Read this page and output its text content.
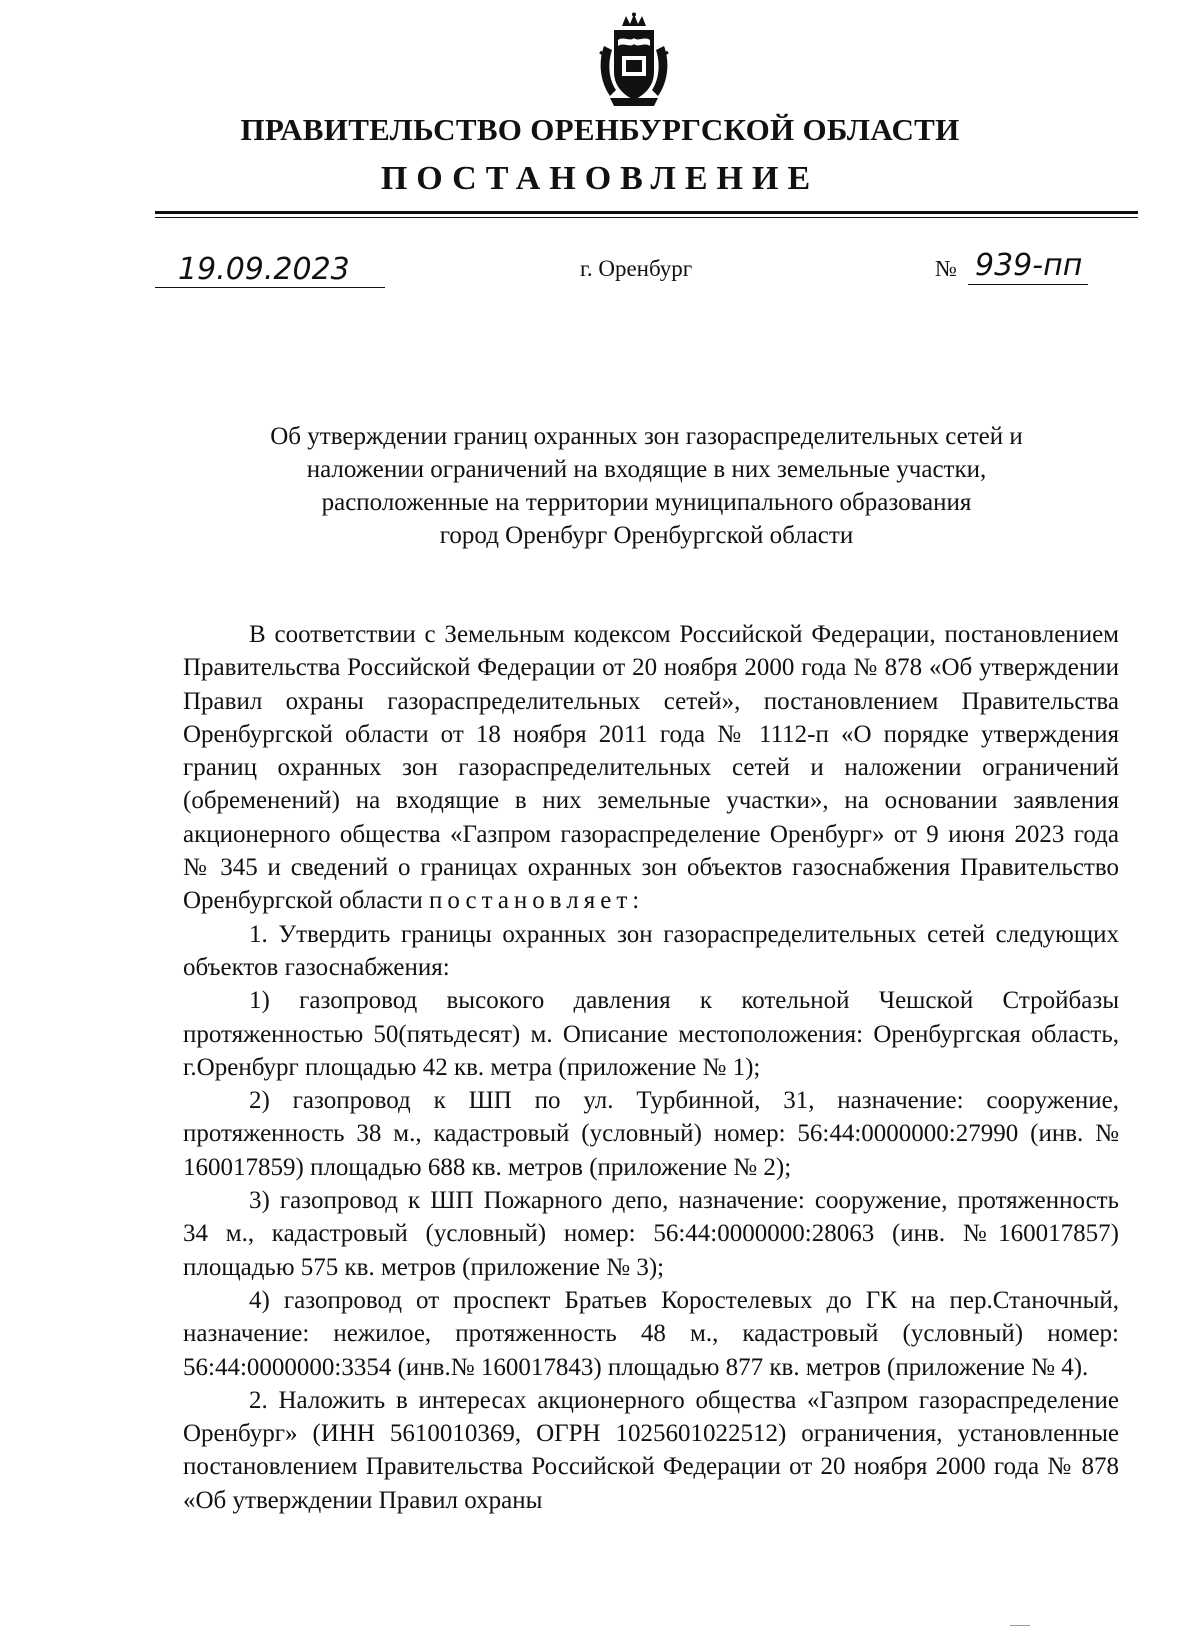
ПРАВИТЕЛЬСТВО ОРЕНБУРГСКОЙ ОБЛАСТИ
ПОСТАНОВЛЕНИЕ
19.09.2023	г. Оренбург	№ 939-пп
Об утверждении границ охранных зон газораспределительных сетей и
наложении ограничений на входящие в них земельные участки,
расположенные на территории муниципального образования
город Оренбург Оренбургской области

В соответствии с Земельным кодексом Российской Федерации, постановлением Правительства Российской Федерации от 20 ноября 2000 года № 878 «Об утверждении Правил охраны газораспределительных сетей», постановлением Правительства Оренбургской области от 18 ноября 2011 года № 1112-п «О порядке утверждения границ охранных зон газораспределительных сетей и наложении ограничений (обременений) на входящие в них земельные участки», на основании заявления акционерного общества «Газпром газораспределение Оренбург» от 9 июня 2023 года № 345 и сведений о границах охранных зон объектов газоснабжения Правительство Оренбургской области постановляет:

1. Утвердить границы охранных зон газораспределительных сетей следующих объектов газоснабжения:

1) газопровод высокого давления к котельной Чешской Стройбазы протяженностью 50(пятьдесят) м. Описание местоположения: Оренбургская область, г.Оренбург площадью 42 кв. метра (приложение № 1);

2) газопровод к ШП по ул. Турбинной, 31, назначение: сооружение, протяженность 38 м., кадастровый (условный) номер: 56:44:0000000:27990 (инв. № 160017859) площадью 688 кв. метров (приложение № 2);

3) газопровод к ШП Пожарного депо, назначение: сооружение, протяженность 34 м., кадастровый (условный) номер: 56:44:0000000:28063 (инв. №160017857) площадью 575 кв. метров (приложение № 3);

4) газопровод от проспект Братьев Коростелевых до ГК на пер.Станочный, назначение: нежилое, протяженность 48 м., кадастровый (условный) номер: 56:44:0000000:3354 (инв.№ 160017843) площадью 877 кв. метров (приложение № 4).

2. Наложить в интересах акционерного общества «Газпром газораспределение Оренбург» (ИНН 5610010369, ОГРН 1025601022512) ограничения, установленные постановлением Правительства Российской Федерации от 20 ноября 2000 года № 878 «Об утверждении Правил охраны
